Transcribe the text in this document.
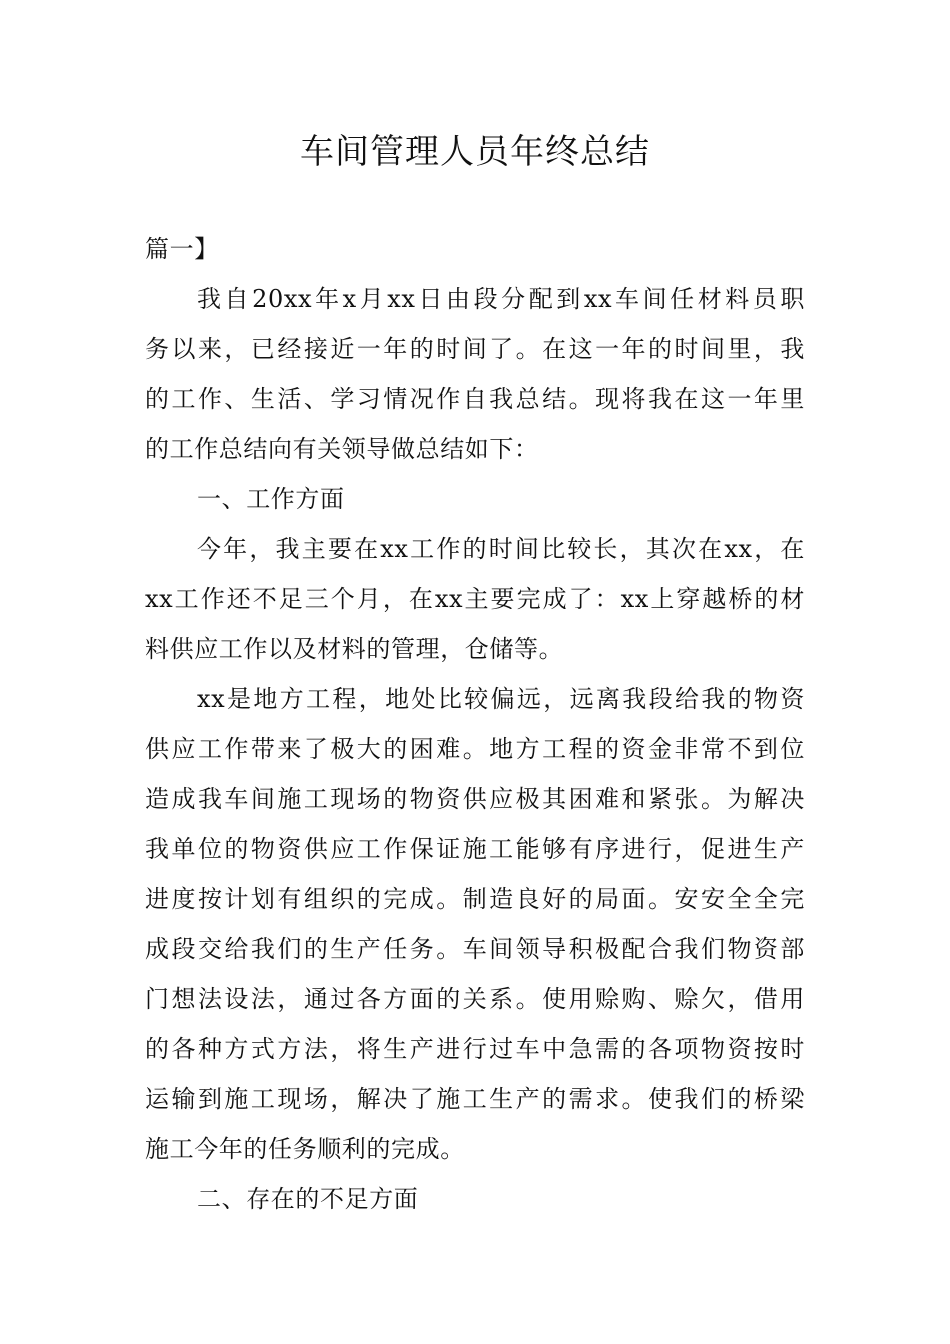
车间管理人员年终总结
篇一】
我自20xx年x月xx日由段分配到xx车间任材料员职
务以来，已经接近一年的时间了。在这一年的时间里，我
的工作、生活、学习情况作自我总结。现将我在这一年里
的工作总结向有关领导做总结如下：
一、工作方面
今年，我主要在xx工作的时间比较长，其次在xx，在
xx工作还不足三个月，在xx主要完成了：xx上穿越桥的材
料供应工作以及材料的管理，仓储等。
xx是地方工程，地处比较偏远，远离我段给我的物资
供应工作带来了极大的困难。地方工程的资金非常不到位
造成我车间施工现场的物资供应极其困难和紧张。为解决
我单位的物资供应工作保证施工能够有序进行，促进生产
进度按计划有组织的完成。制造良好的局面。安安全全完
成段交给我们的生产任务。车间领导积极配合我们物资部
门想法设法，通过各方面的关系。使用赊购、赊欠，借用
的各种方式方法，将生产进行过车中急需的各项物资按时
运输到施工现场，解决了施工生产的需求。使我们的桥梁
施工今年的任务顺利的完成。
二、存在的不足方面
